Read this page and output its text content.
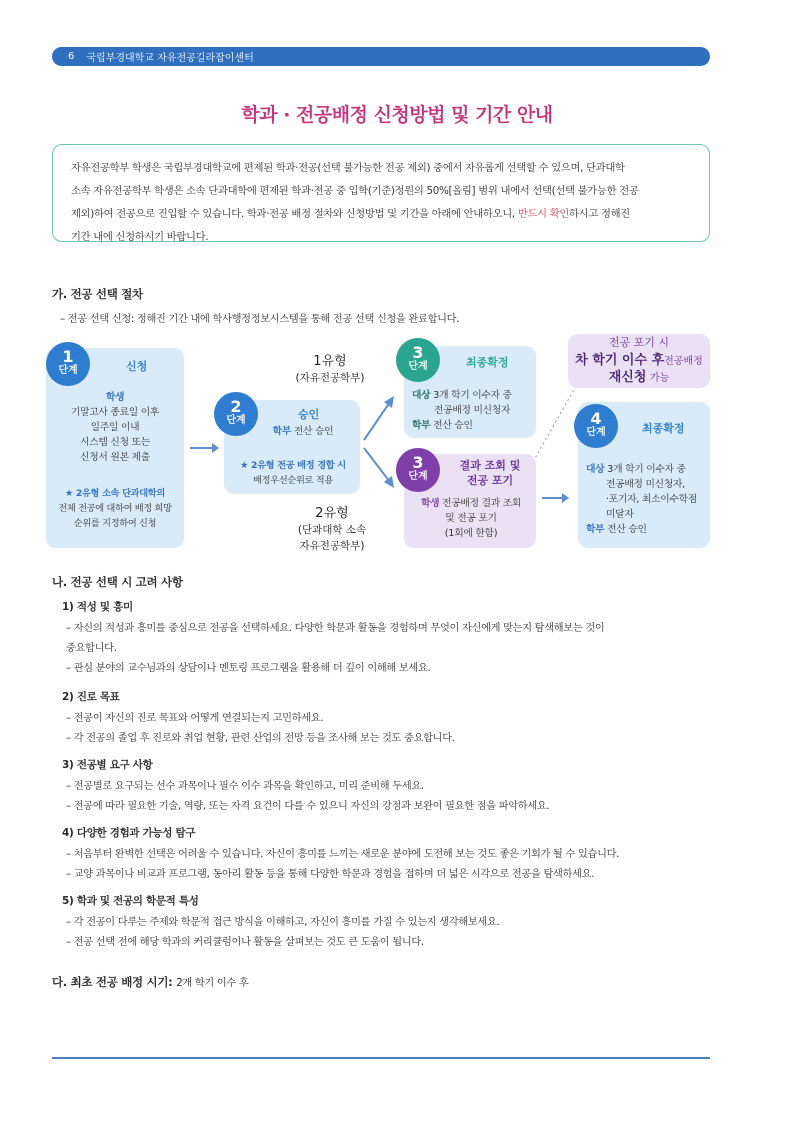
6 국립부경대학교 자유전공길라잡이센터
학과 · 전공배정 신청방법 및 기간 안내
자유전공학부 학생은 국립부경대학교에 편제된 학과·전공(선택 불가능한 전공 제외) 중에서 자유롭게 선택할 수 있으며, 단과대학
소속 자유전공학부 학생은 소속 단과대학에 편제된 학과·전공 중 입학(기준)정원의 50%[올림] 범위 내에서 선택(선택 불가능한 전공
제외)하여 전공으로 진입할 수 있습니다. 학과·전공 배정 절차와 신청방법 및 기간을 아래에 안내하오니, 반드시 확인하시고 정해진
기간 내에 신청하시기 바랍니다.
가. 전공 선택 절차
– 전공 선택 신청: 정해진 기간 내에 학사행정정보시스템을 통해 전공 선택 신청을 완료합니다.
1
단계	신청
학생
기말고사 종료일 이후
일주일 이내
시스템 신청 또는
신청서 원본 제출
★ 2유형 소속 단과대학의
전체 전공에 대하여 배정 희망
순위를 지정하여 신청
2
단계	승인
학부 전산 승인
★ 2유형 전공 배정 경합 시
배정우선순위로 적용
1유형
(자유전공학부)
2유형
(단과대학 소속
자유전공학부)
3
단계	최종확정
대상 3개 학기 이수자 중
전공배정 미신청자
학부 전산 승인
3
단계
결과 조회 및
전공 포기
학생 전공배정 결과 조회
및 전공 포기
(1회에 한함)
전공 포기 시
차 학기 이수 후전공배정
재신청 가능
4
단계	최종확정
대상 3개 학기 이수자 중
전공배정 미신청자,
·포기자, 최소이수학점
미달자
학부 전산 승인
나. 전공 선택 시 고려 사항
1) 적성 및 흥미
– 자신의 적성과 흥미를 중심으로 전공을 선택하세요. 다양한 학문과 활동을 경험하며 무엇이 자신에게 맞는지 탐색해보는 것이
중요합니다.
– 관심 분야의 교수님과의 상담이나 멘토링 프로그램을 활용해 더 깊이 이해해 보세요.
2) 진로 목표
– 전공이 자신의 진로 목표와 어떻게 연결되는지 고민하세요.
– 각 전공의 졸업 후 진로와 취업 현황, 관련 산업의 전망 등을 조사해 보는 것도 중요합니다.
3) 전공별 요구 사항
– 전공별로 요구되는 선수 과목이나 필수 이수 과목을 확인하고, 미리 준비해 두세요.
– 전공에 따라 필요한 기술, 역량, 또는 자격 요건이 다를 수 있으니 자신의 강점과 보완이 필요한 점을 파악하세요.
4) 다양한 경험과 가능성 탐구
– 처음부터 완벽한 선택은 어려울 수 있습니다. 자신이 흥미를 느끼는 새로운 분야에 도전해 보는 것도 좋은 기회가 될 수 있습니다.
– 교양 과목이나 비교과 프로그램, 동아리 활동 등을 통해 다양한 학문과 경험을 접하며 더 넓은 시각으로 전공을 탐색하세요.
5) 학과 및 전공의 학문적 특성
– 각 전공이 다루는 주제와 학문적 접근 방식을 이해하고, 자신이 흥미를 가질 수 있는지 생각해보세요.
– 전공 선택 전에 해당 학과의 커리큘럼이나 활동을 살펴보는 것도 큰 도움이 됩니다.
다. 최초 전공 배정 시기: 2개 학기 이수 후
